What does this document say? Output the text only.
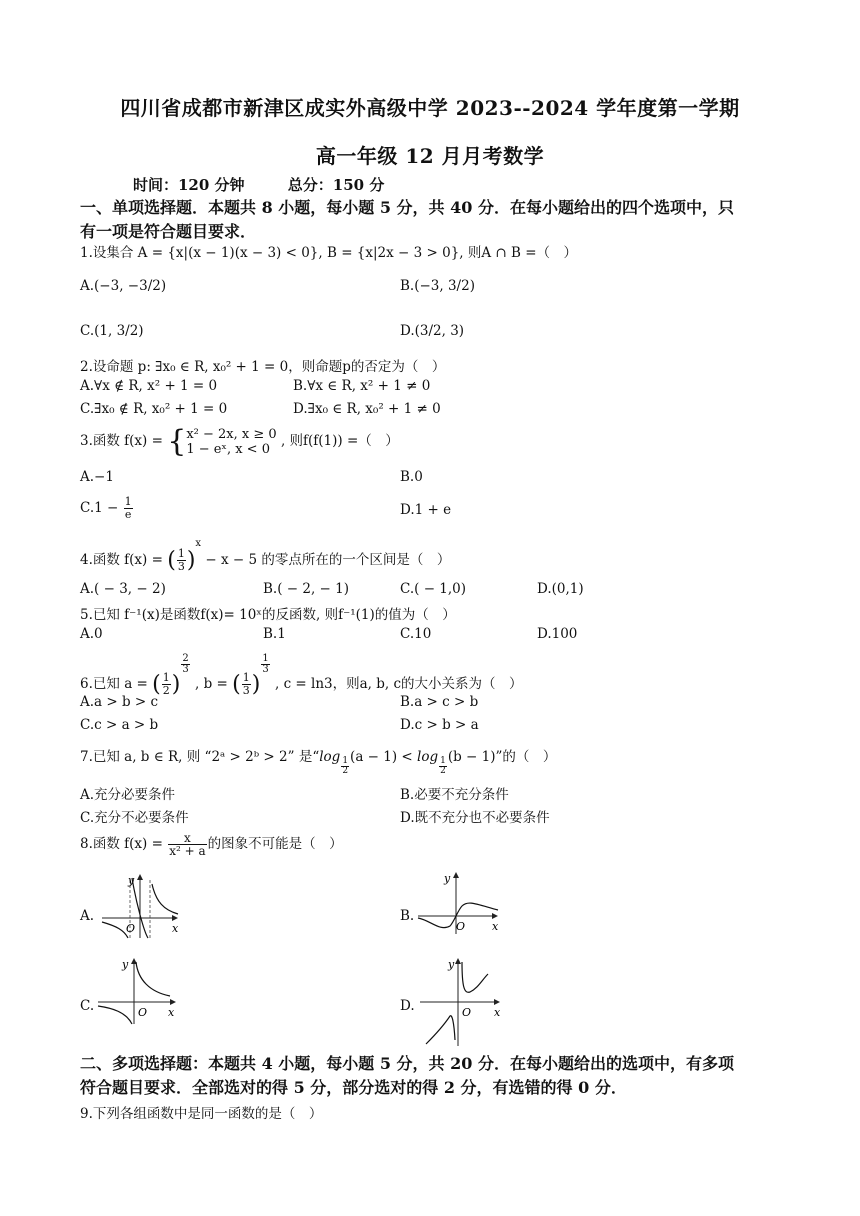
四川省成都市新津区成实外高级中学 2023--2024 学年度第一学期
高一年级 12 月月考数学
时间：120 分钟	总分：150 分
一、单项选择题．本题共 8 小题，每小题 5 分，共 40 分．在每小题给出的四个选项中，只
有一项是符合题目要求．
1.设集合 A = {x|(x − 1)(x − 3) < 0}, B = {x|2x − 3 > 0}, 则A ∩ B =（　）
A.(−3, −3/2)	B.(−3, 3/2)
C.(1, 3/2)	D.(3/2, 3)
2.设命题 p: ∃x₀ ∈ R, x₀² + 1 = 0，则命题p的否定为（　）
A.∀x ∉ R, x² + 1 = 0	B.∀x ∈ R, x² + 1 ≠ 0
C.∃x₀ ∉ R, x₀² + 1 = 0	D.∃x₀ ∈ R, x₀² + 1 ≠ 0
3.函数 f(x) = { x² − 2x, x ≥ 0
1 − eˣ, x < 0 , 则f(f(1)) =（　）
A.−1	B.0
$C.1 - \frac{1}{e}$	D.1 + e
4.函数 f(x) = ( $\frac{1}{3} )^x - x - 5$ 的零点所在的一个区间是（　）
A.( − 3, − 2)	B.( − 2, − 1)	C.( − 1,0)	D.(0,1)
5.已知 f⁻¹(x)是函数f(x)= 10ˣ的反函数, 则f⁻¹(1)的值为（　）
A.0	B.1	C.10	D.100
6.已知 a = ( $\frac{1}{2}$ )
$\frac{2}{3}$
, b = ( $\frac{1}{3}$ )
$\frac{1}{3}$
, c = ln3，则a, b, c的大小关系为（　）
A.a > b > c	B.a > c > b
C.c > a > b	D.c > b > a
7.已知 a, b ∈ R, 则 “2ᵃ > 2ᵇ > 2” 是“$\log \frac{1}{2} (a - 1) < \log \frac{1}{2} (b - 1)$”的（　）
A.充分必要条件	B.必要不充分条件
C.充分不必要条件	D.既不充分也不必要条件
8.函数 $f(x) = \frac{x}{\text{x² + a}}$ 的图象不可能是（　）
A.
y
x
O
B.
y
x
O
C.
y
x
O	D.
y
x
O
二、多项选择题：本题共 4 小题，每小题 5 分，共 20 分．在每小题给出的选项中，有多项
符合题目要求．全部选对的得 5 分，部分选对的得 2 分，有选错的得 0 分．
9.下列各组函数中是同一函数的是（　）
